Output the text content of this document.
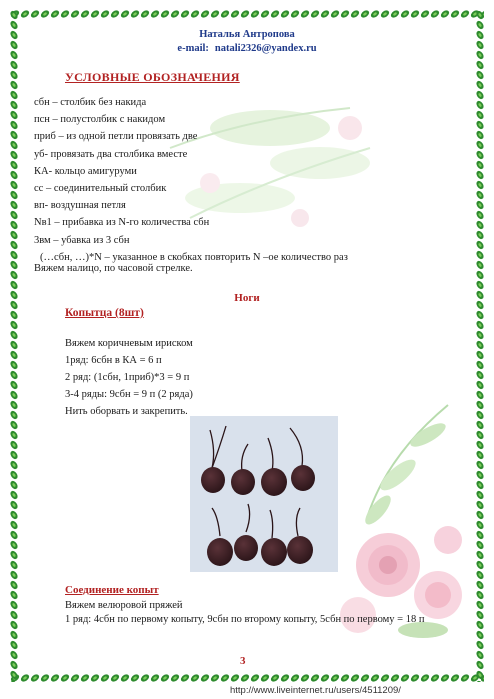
Наталья Антропова
e-mail: natali2326@yandex.ru
УСЛОВНЫЕ ОБОЗНАЧЕНИЯ
сбн – столбик без накида
псн – полустолбик с накидом
приб – из одной петли провязать две
уб- провязать два столбика вместе
КА- кольцо амигуруми
сс – соединительный столбик
вп- воздушная петля
Nв1 – прибавка из N-го количества сбн
3вм – убавка из 3 сбн
(…сбн, …)*N – указанное в скобках повторить N –ое количество раз
Вяжем налицо, по часовой стрелке.
Ноги
Копытца (8шт)
Вяжем коричневым ириском
1ряд: 6сбн в КА = 6 п
2 ряд: (1сбн, 1приб)*3 = 9 п
3-4 ряды: 9сбн = 9 п (2 ряда)
Нить оборвать и закрепить.
Соединение копыт
Вяжем велюровой пряжей
1 ряд: 4сбн по первому копыту, 9сбн по второму копыту, 5сбн по первому = 18 п
3
http://www.liveinternet.ru/users/4511209/
